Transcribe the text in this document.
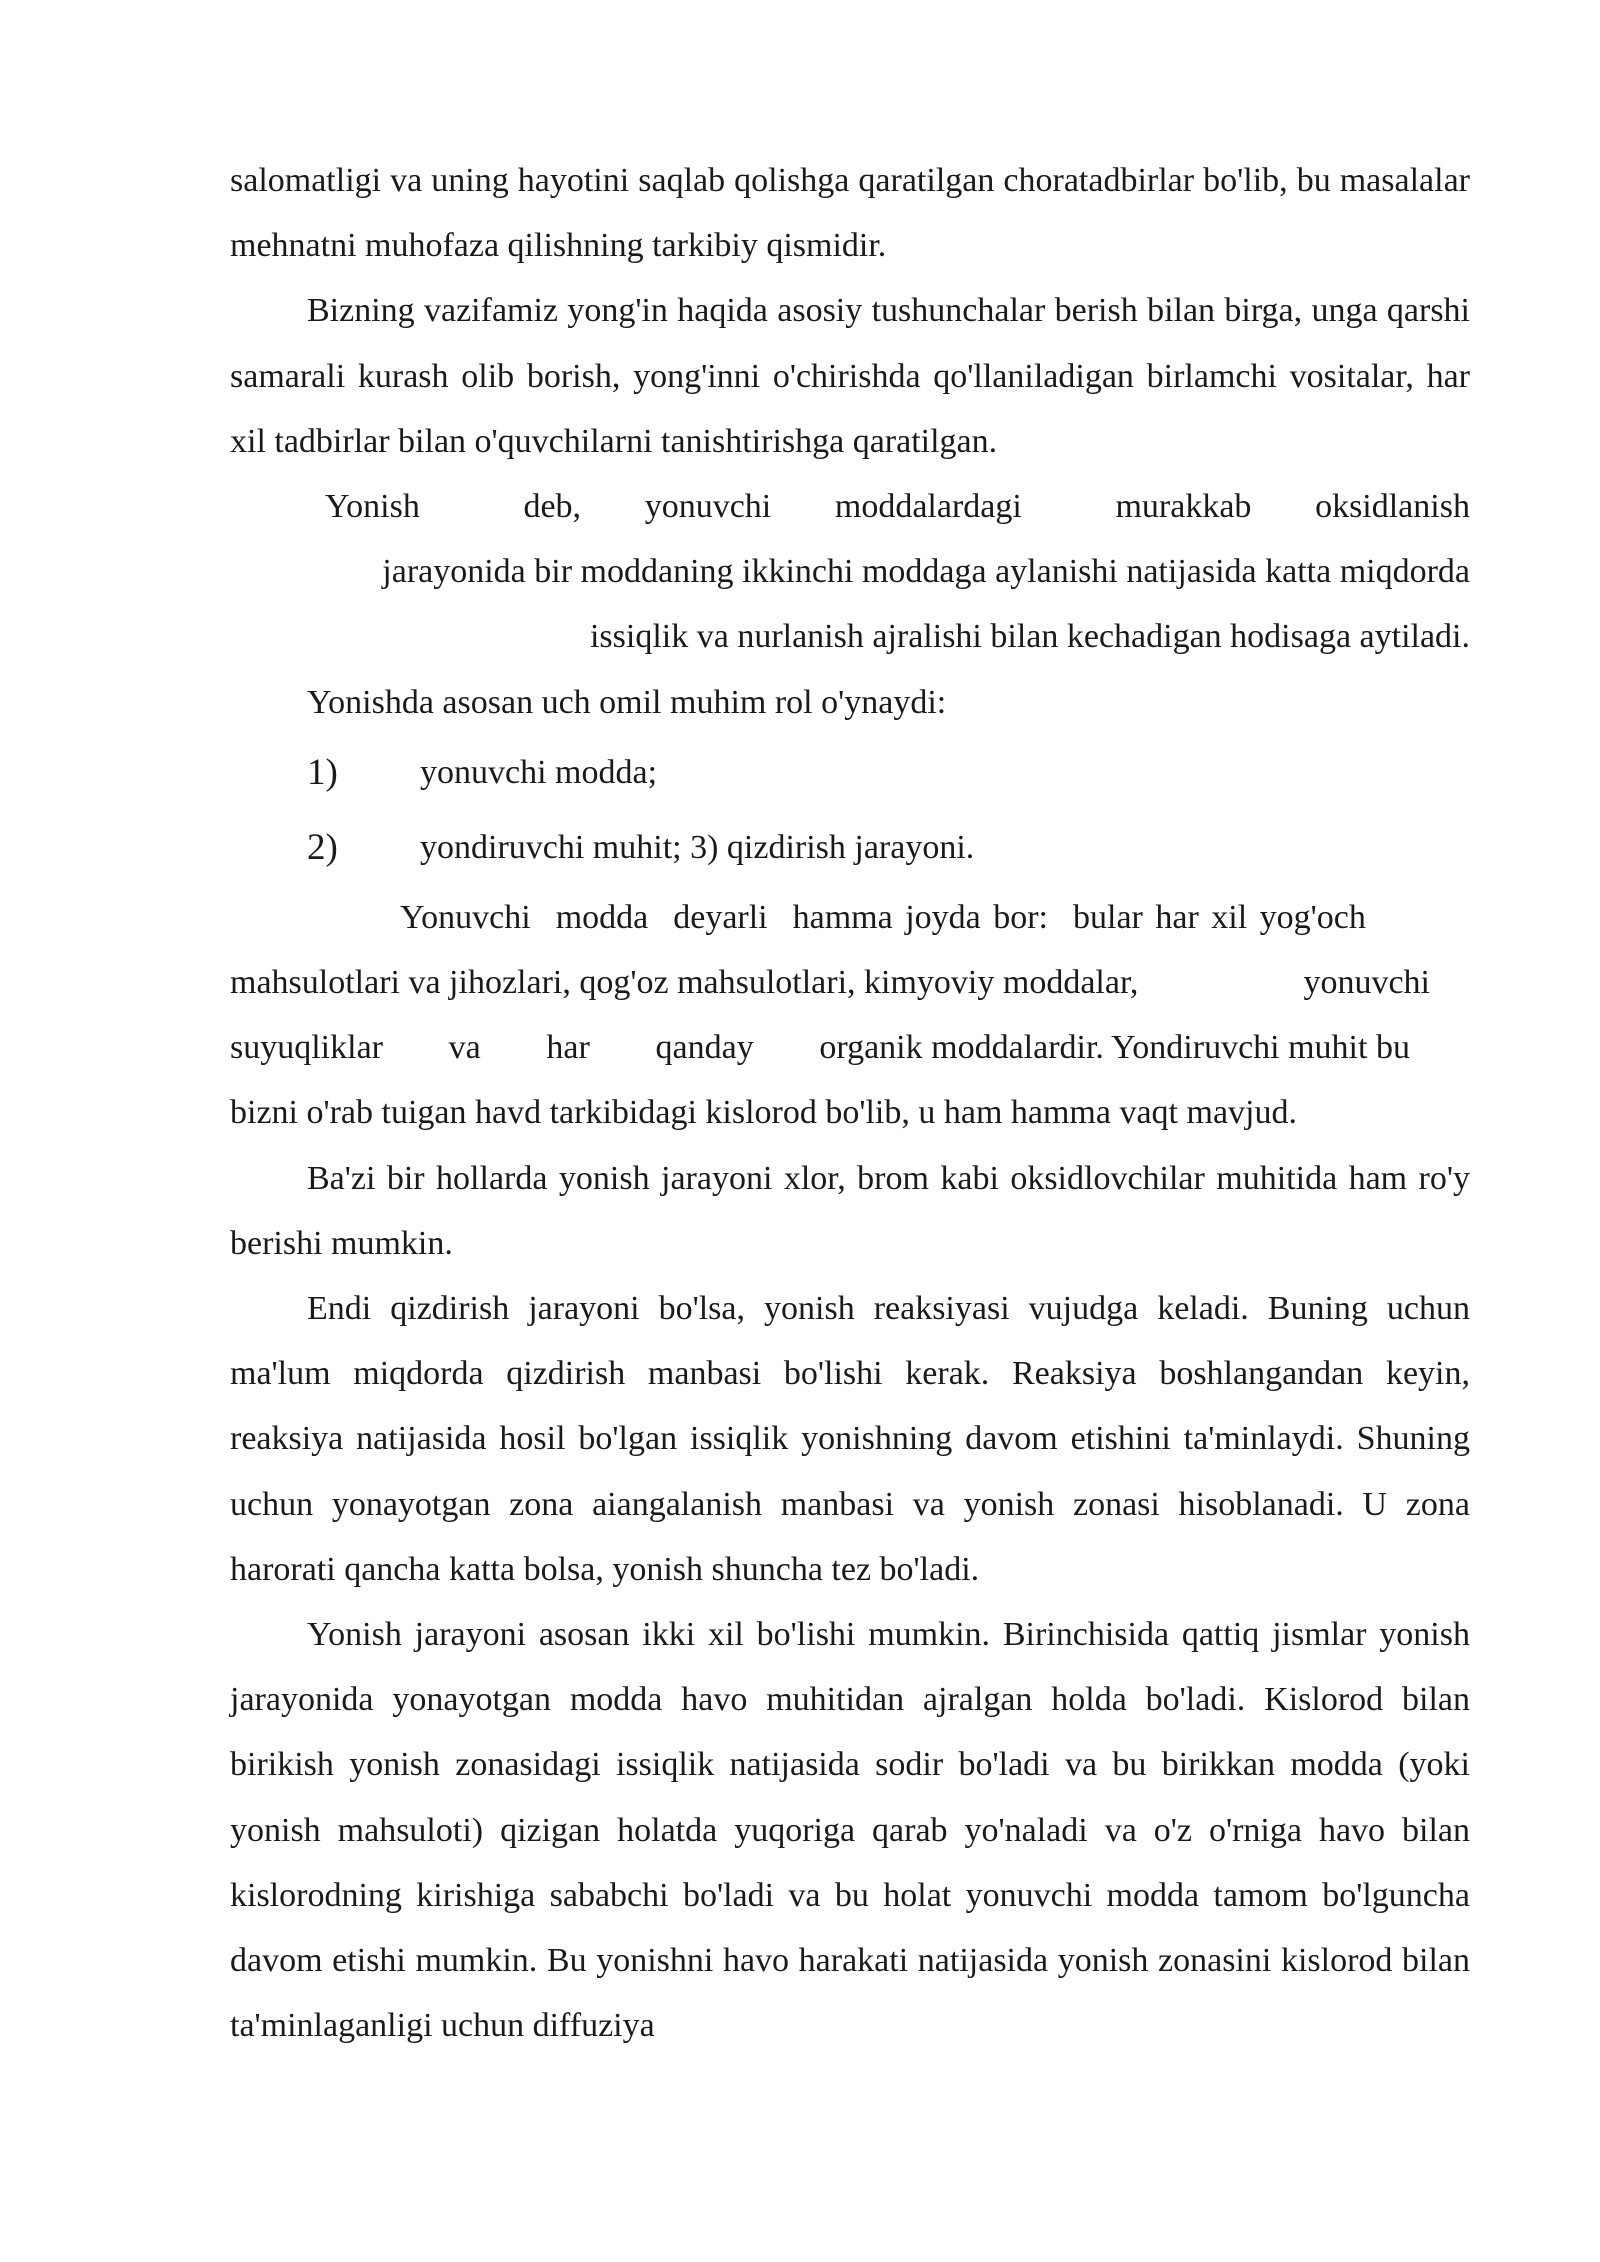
salomatligi va uning hayotini saqlab qolishga qaratilgan choratadbirlar bo'lib, bu masalalar mehnatni muhofaza qilishning tarkibiy qismidir.

Bizning vazifamiz yong'in haqida asosiy tushunchalar berish bilan birga, unga qarshi samarali kurash olib borish, yong'inni o'chirishda qo'llaniladigan birlamchi vositalar, har xil tadbirlar bilan o'quvchilarni tanishtirishga qaratilgan.

Yonish	deb, yonuvchi moddalardagi	murakkab oksidlanish
jarayonida bir moddaning ikkinchi moddaga aylanishi natijasida katta miqdorda
issiqlik va nurlanish ajralishi bilan kechadigan hodisaga aytiladi.

Yonishda asosan uch omil muhim rol o'ynaydi:

1) yonuvchi modda;
2) yondiruvchi muhit; 3) qizdirish jarayoni.
Yonuvchi  modda  deyarli  hamma joyda bor:  bular har xil yog'och
mahsulotlari va jihozlari, qog'oz mahsulotlari, kimyoviy moddalar,	yonuvchi
suyuqliklar va har qanday organik moddalardir. Yondiruvchi muhit bu
bizni o'rab tuigan havd tarkibidagi kislorod bo'lib, u ham hamma vaqt mavjud.

Ba'zi bir hollarda yonish jarayoni xlor, brom kabi oksidlovchilar muhitida ham ro'y berishi mumkin.

Endi qizdirish jarayoni bo'lsa, yonish reaksiyasi vujudga keladi. Buning uchun ma'lum miqdorda qizdirish manbasi bo'lishi kerak. Reaksiya boshlangandan keyin, reaksiya natijasida hosil bo'lgan issiqlik yonishning davom etishini ta'minlaydi. Shuning uchun yonayotgan zona aiangalanish manbasi va yonish zonasi hisoblanadi. U zona harorati qancha katta bolsa, yonish shuncha tez bo'ladi.

Yonish jarayoni asosan ikki xil bo'lishi mumkin. Birinchisida qattiq jismlar yonish jarayonida yonayotgan modda havo muhitidan ajralgan holda bo'ladi. Kislorod bilan birikish yonish zonasidagi issiqlik natijasida sodir bo'ladi va bu birikkan modda (yoki yonish mahsuloti) qizigan holatda yuqoriga qarab yo'naladi va o'z o'rniga havo bilan kislorodning kirishiga sababchi bo'ladi va bu holat yonuvchi modda tamom bo'lguncha davom etishi mumkin. Bu yonishni havo harakati natijasida yonish zonasini kislorod bilan ta'minlaganligi uchun diffuziya
